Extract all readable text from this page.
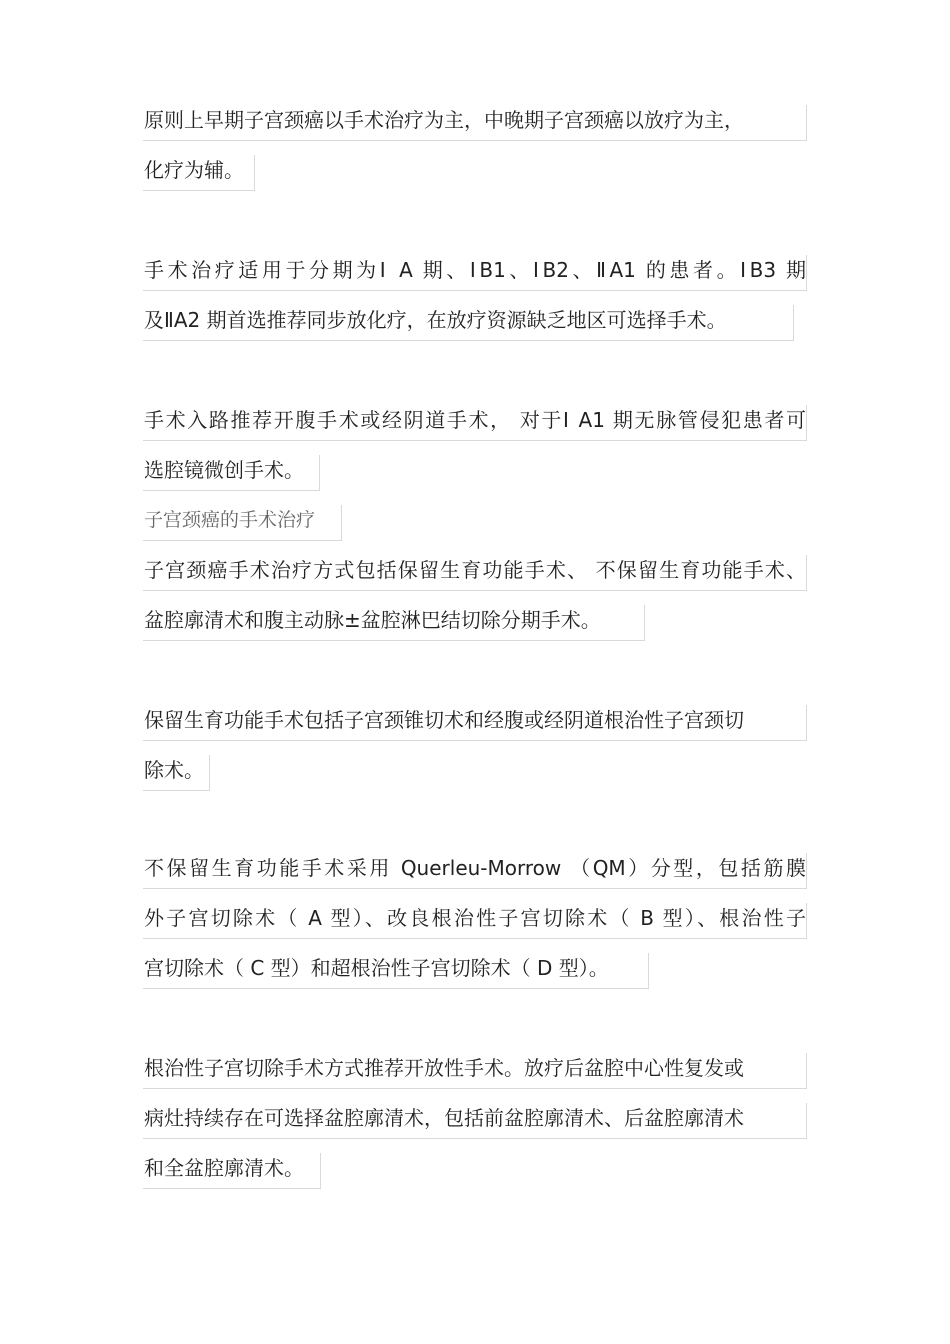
原则上早期子宫颈癌以手术治疗为主，中晚期子宫颈癌以放疗为主，
化疗为辅。
手术治疗适用于分期为Ⅰ A 期、ⅠB1、ⅠB2、ⅡA1 的患者。ⅠB3 期
及ⅡA2 期首选推荐同步放化疗，在放疗资源缺乏地区可选择手术。
手术入路推荐开腹手术或经阴道手术， 对于Ⅰ A1 期无脉管侵犯患者可
选腔镜微创手术。
子宫颈癌的手术治疗
子宫颈癌手术治疗方式包括保留生育功能手术、 不保留生育功能手术、
盆腔廓清术和腹主动脉±盆腔淋巴结切除分期手术。
保留生育功能手术包括子宫颈锥切术和经腹或经阴道根治性子宫颈切
除术。
不保留生育功能手术采用 Querleu-Morrow （QM）分型，包括筋膜
外子宫切除术（ A 型）、改良根治性子宫切除术（ B 型）、根治性子
宫切除术（ C 型）和超根治性子宫切除术（ D 型）。
根治性子宫切除手术方式推荐开放性手术。放疗后盆腔中心性复发或
病灶持续存在可选择盆腔廓清术，包括前盆腔廓清术、后盆腔廓清术
和全盆腔廓清术。
